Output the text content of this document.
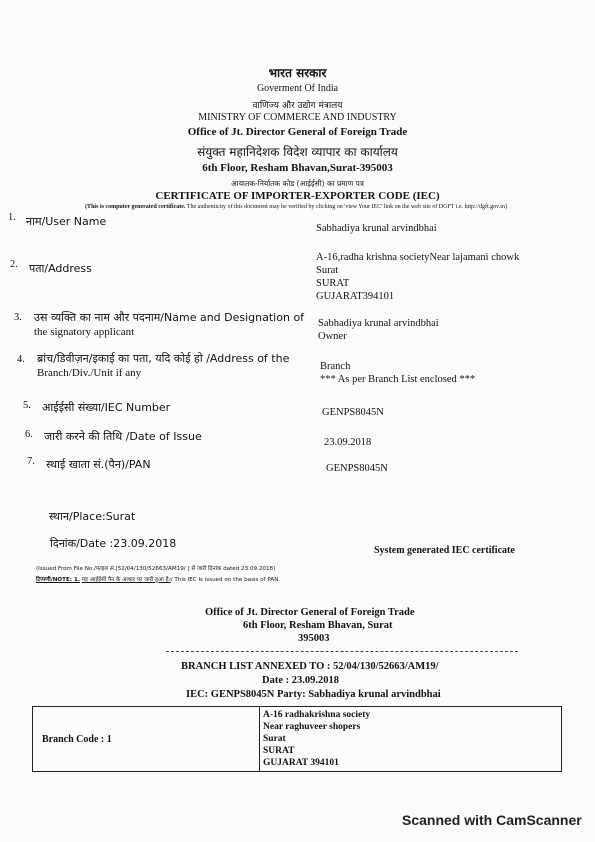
भारत सरकार
Goverment Of India
वाणिज्य और उद्योग मंत्रालय
MINISTRY OF COMMERCE AND INDUSTRY
Office of Jt. Director General of Foreign Trade
संयुक्त महानिदेशक विदेश व्यापार का कार्यालय
6th Floor, Resham Bhavan,Surat-395003
आयातक-निर्यातक कोड (आईईसी) का प्रमाण पत्र
CERTIFICATE OF IMPORTER-EXPORTER CODE (IEC)
(This is computer generated certificate. The authenticity of this document may be verified by clicking on 'view Your IEC' link on the web site of DGFT i.e. http://dgft.gov.in)
1. नाम/User Name
Sabhadiya krunal arvindbhai
2. पता/Address
A-16,radha krishna societyNear lajamani chowk
Surat
SURAT
GUJARAT394101
3. उस व्यक्ति का नाम और पदनाम/Name and Designation of
the signatory applicant
Sabhadiya krunal arvindbhai
Owner
4. ब्रांच/डिवीज़न/इकाई का पता, यदि कोई हो /Address of the
Branch/Div./Unit if any
Branch
*** As per Branch List enclosed ***
5. आईईसी संख्या/IEC Number	GENPS8045N
6. जारी करने की तिथि /Date of Issue	23.09.2018
7. स्थाई खाता सं.(पैन)/PAN	GENPS8045N
स्थान/Place:Surat
दिनांक/Date :23.09.2018
System generated IEC certificate
(Issued From File No./फाइल सं.[52/04/130/52663/AM19/ ] से जारी दिनांक dated 23.09.2018)
टिप्पणी/NOTE: 1. यह आईईसी पैन के आधार पर जारी हुआ है।/ This IEC is issued on the basis of PAN.
Office of Jt. Director General of Foreign Trade
6th Floor, Resham Bhavan, Surat
395003
BRANCH LIST ANNEXED TO : 52/04/130/52663/AM19/
Date : 23.09.2018
IEC: GENPS8045N Party: Sabhadiya krunal arvindbhai
Branch Code : 1	
A-16 radhakrishna society
Near raghuveer shopers
Surat
SURAT
GUJARAT 394101
Scanned with CamScanner
